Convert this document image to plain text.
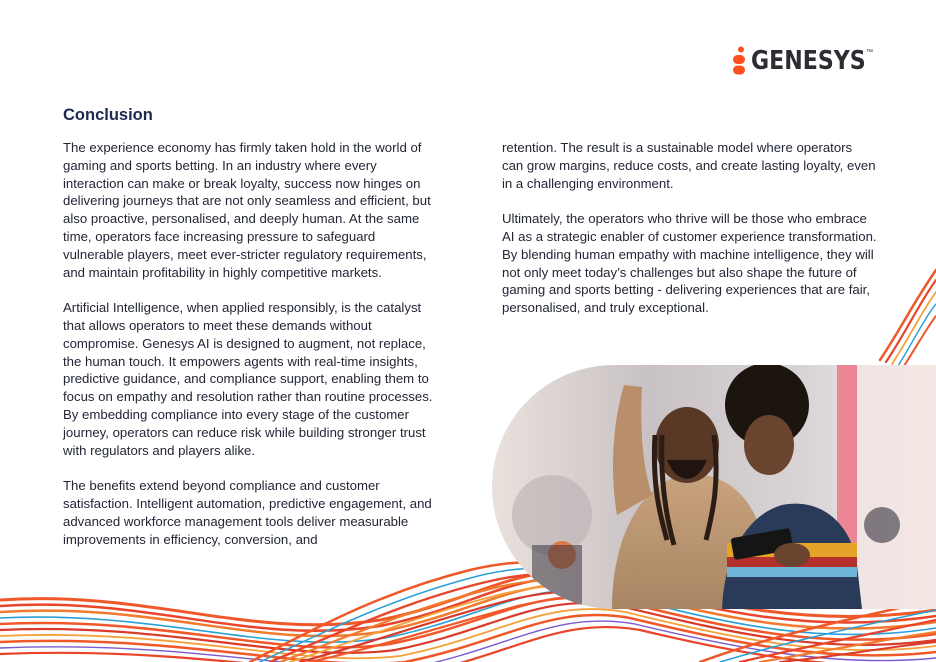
GENESYS ™
Conclusion

The experience economy has firmly taken hold in the world of gaming and sports betting. In an industry where every interaction can make or break loyalty, success now hinges on delivering journeys that are not only seamless and efficient, but also proactive, personalised, and deeply human. At the same time, operators face increasing pressure to safeguard vulnerable players, meet ever-stricter regulatory requirements, and maintain profitability in highly competitive markets.

Artificial Intelligence, when applied responsibly, is the catalyst that allows operators to meet these demands without compromise. Genesys AI is designed to augment, not replace, the human touch. It empowers agents with real-time insights, predictive guidance, and compliance support, enabling them to focus on empathy and resolution rather than routine processes. By embedding compliance into every stage of the customer journey, operators can reduce risk while building stronger trust with regulators and players alike.

The benefits extend beyond compliance and customer satisfaction. Intelligent automation, predictive engagement, and advanced workforce management tools deliver measurable improvements in efficiency, conversion, and

retention. The result is a sustainable model where operators can grow margins, reduce costs, and create lasting loyalty, even in a challenging environment.

Ultimately, the operators who thrive will be those who embrace AI as a strategic enabler of customer experience transformation. By blending human empathy with machine intelligence, they will not only meet today’s challenges but also shape the future of gaming and sports betting - delivering experiences that are fair, personalised, and truly exceptional.
